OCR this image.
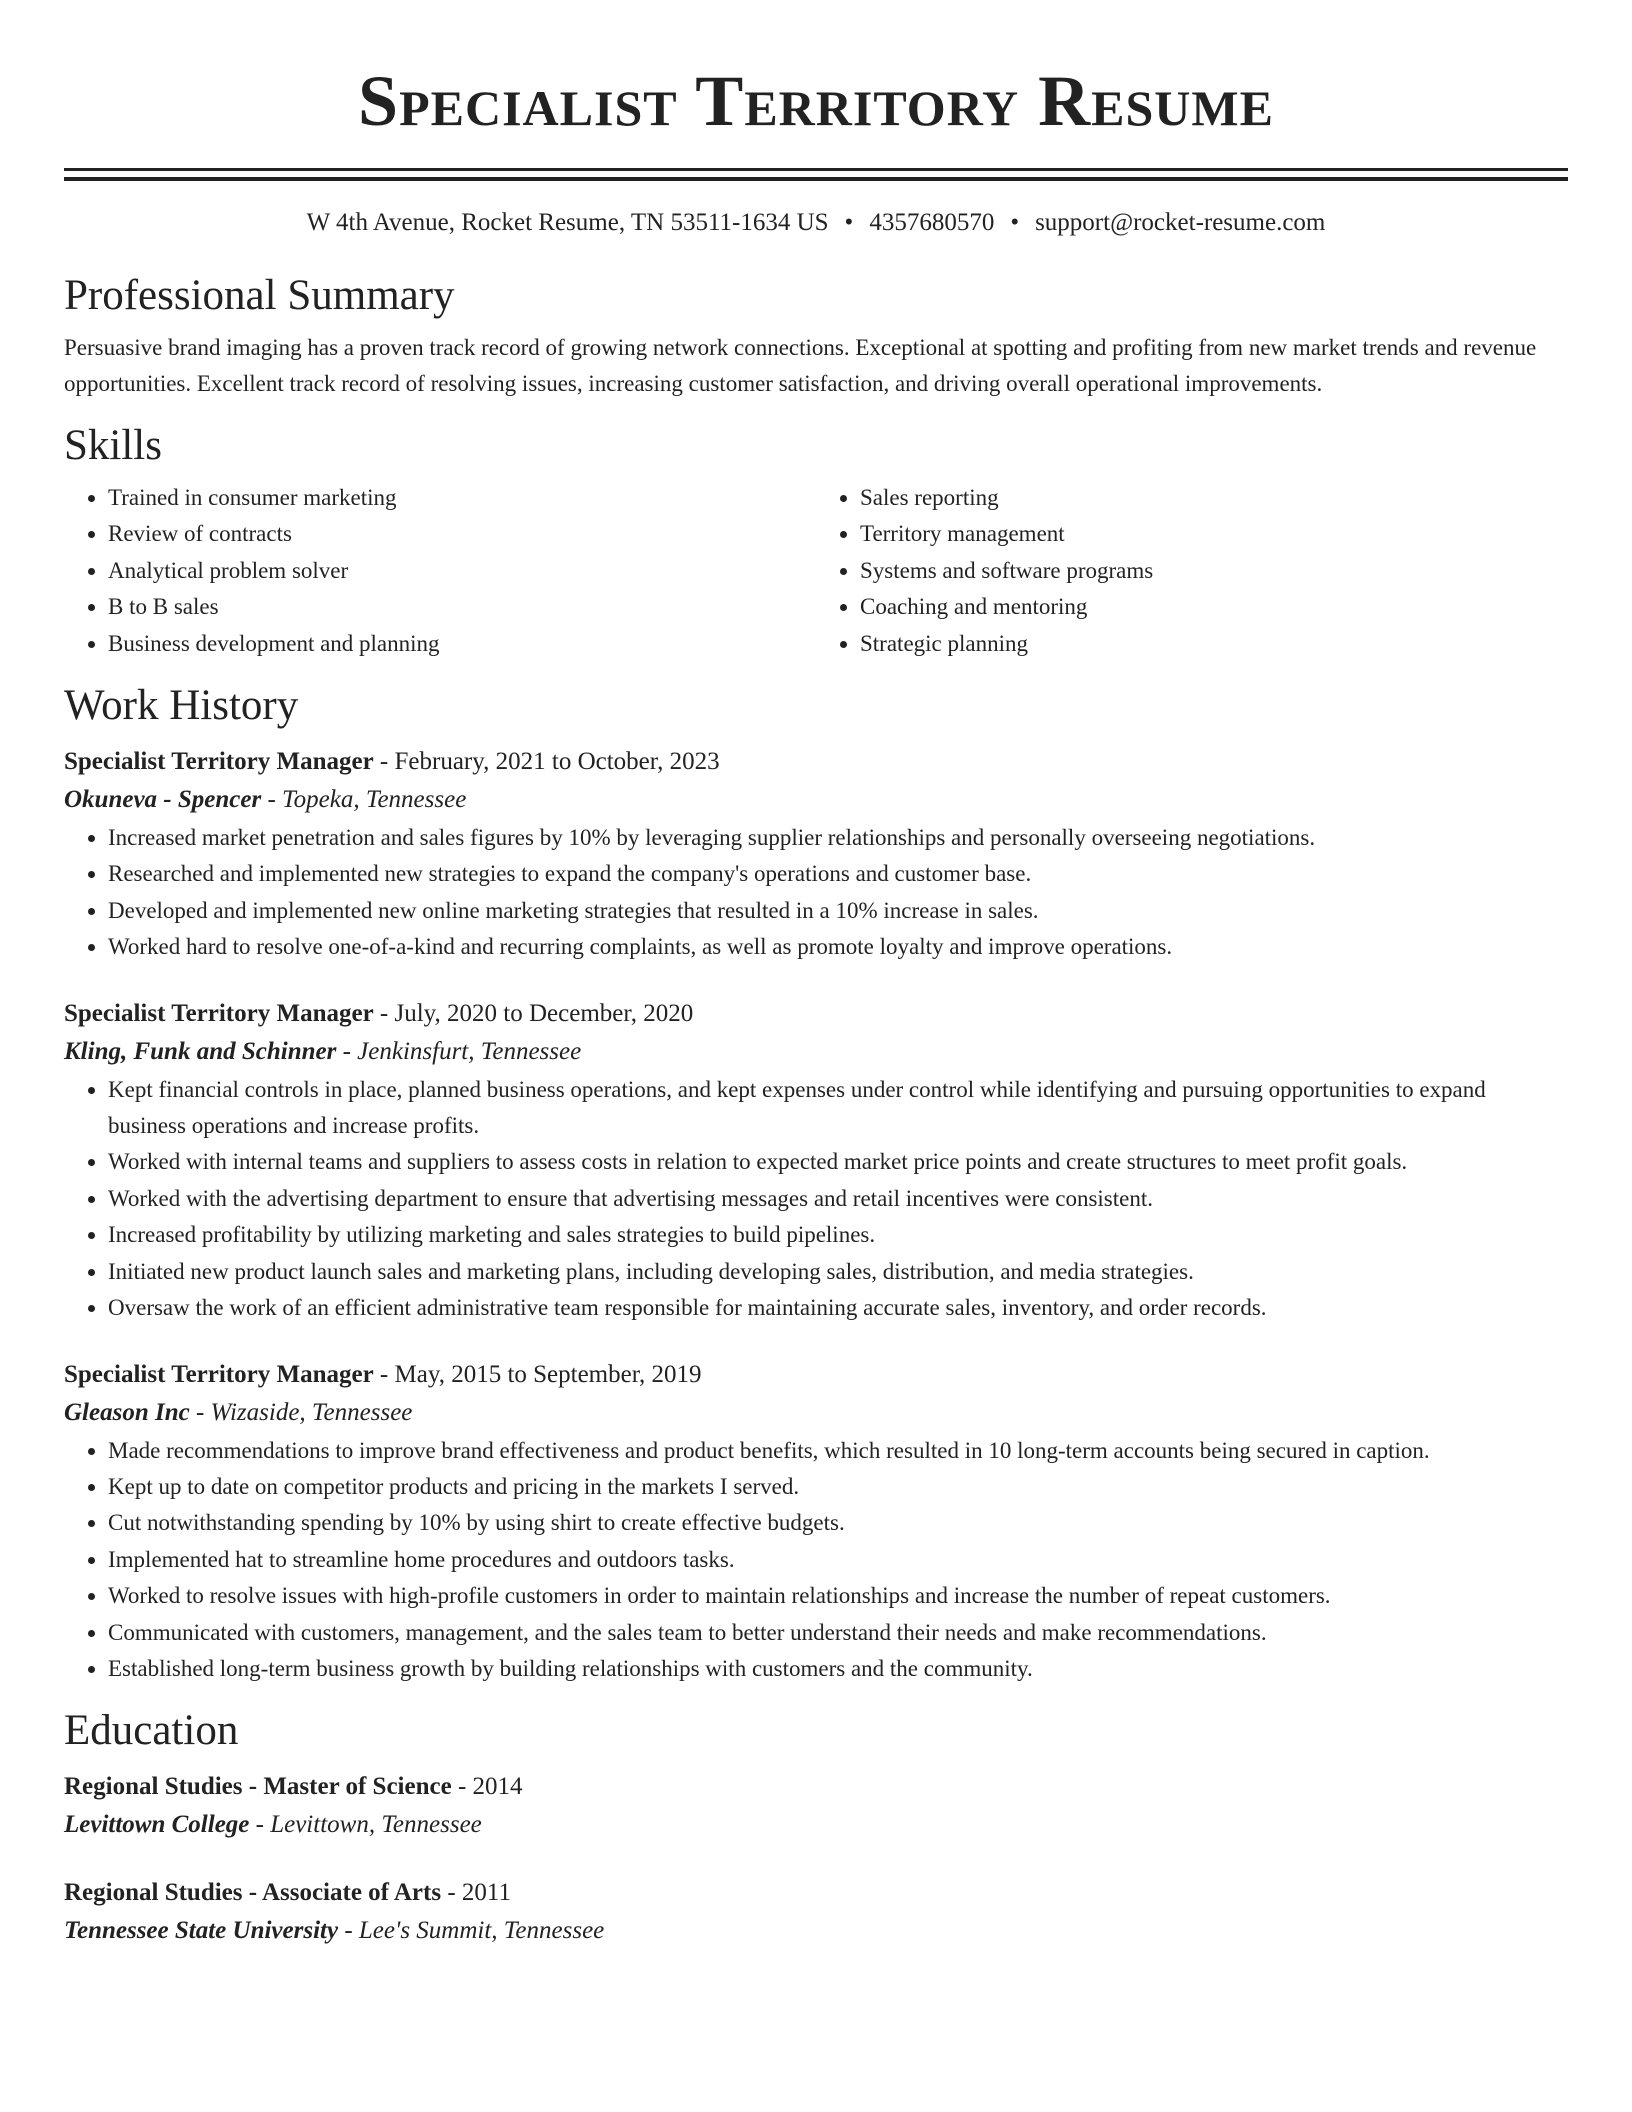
Specialist Territory Resume
W 4th Avenue, Rocket Resume, TN 53511-1634 US • 4357680570 • support@rocket-resume.com
Professional Summary

Persuasive brand imaging has a proven track record of growing network connections. Exceptional at spotting and profiting from new market trends and revenue opportunities. Excellent track record of resolving issues, increasing customer satisfaction, and driving overall operational improvements.

Skills
• Trained in consumer marketing
• Review of contracts
• Analytical problem solver
• B to B sales
• Business development and planning
• Sales reporting
• Territory management
• Systems and software programs
• Coaching and mentoring
• Strategic planning
Work History
Specialist Territory Manager - February, 2021 to October, 2023
Okuneva - Spencer - Topeka, Tennessee
• Increased market penetration and sales figures by 10% by leveraging supplier relationships and personally overseeing negotiations.
• Researched and implemented new strategies to expand the company's operations and customer base.
• Developed and implemented new online marketing strategies that resulted in a 10% increase in sales.
• Worked hard to resolve one-of-a-kind and recurring complaints, as well as promote loyalty and improve operations.
Specialist Territory Manager - July, 2020 to December, 2020
Kling, Funk and Schinner - Jenkinsfurt, Tennessee
• Kept financial controls in place, planned business operations, and kept expenses under control while identifying and pursuing opportunities to expand business operations and increase profits.
• Worked with internal teams and suppliers to assess costs in relation to expected market price points and create structures to meet profit goals.
• Worked with the advertising department to ensure that advertising messages and retail incentives were consistent.
• Increased profitability by utilizing marketing and sales strategies to build pipelines.
• Initiated new product launch sales and marketing plans, including developing sales, distribution, and media strategies.
• Oversaw the work of an efficient administrative team responsible for maintaining accurate sales, inventory, and order records.
Specialist Territory Manager - May, 2015 to September, 2019
Gleason Inc - Wizaside, Tennessee
• Made recommendations to improve brand effectiveness and product benefits, which resulted in 10 long-term accounts being secured in caption.
• Kept up to date on competitor products and pricing in the markets I served.
• Cut notwithstanding spending by 10% by using shirt to create effective budgets.
• Implemented hat to streamline home procedures and outdoors tasks.
• Worked to resolve issues with high-profile customers in order to maintain relationships and increase the number of repeat customers.
• Communicated with customers, management, and the sales team to better understand their needs and make recommendations.
• Established long-term business growth by building relationships with customers and the community.
Education
Regional Studies - Master of Science - 2014
Levittown College - Levittown, Tennessee
Regional Studies - Associate of Arts - 2011
Tennessee State University - Lee's Summit, Tennessee
